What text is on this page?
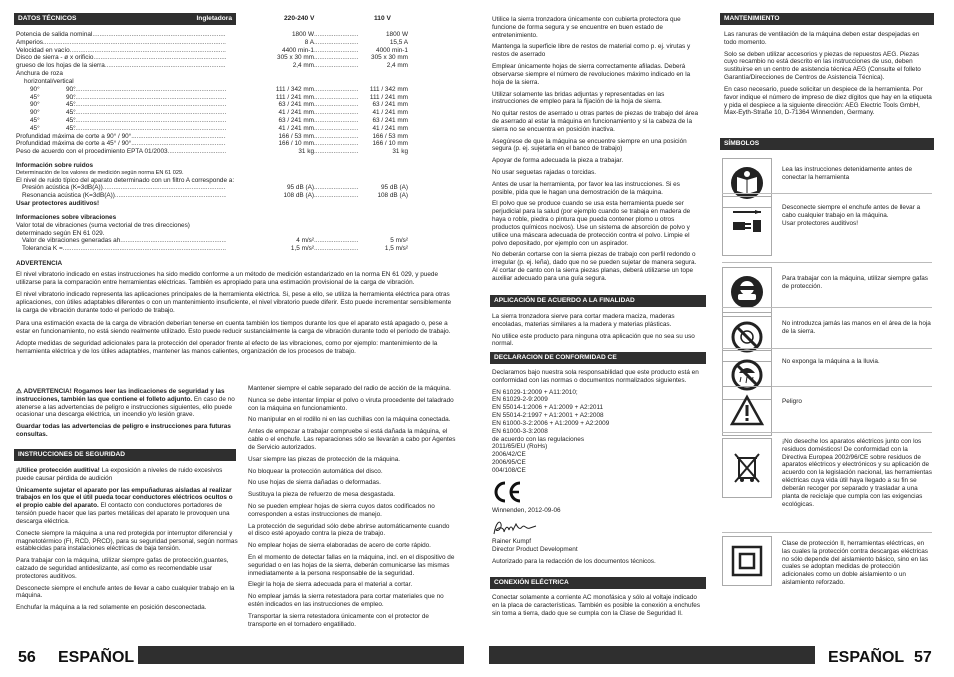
DATOS TÉCNICOS	Ingletadora	220-240 V	110 V
Potencia de salida nominal .....	1800 W .....	1800 W
Amperios .....	8 A .....	15,5 A
Velocidad en vacío .....	4400 min-1 .....	4000 min-1
Disco de sierra - ø x orificio .....	305 x 30 mm .....	305 x 30 mm
grueso de los hojas de la sierra .....	2,4 mm .....	2,4 mm
Anchura de roza
horizontal/vertical
90°	90° .....	111 / 342 mm .....	111 / 342 mm
45°	90° .....	111 / 241 mm .....	111 / 241 mm
90°	45° .....	63 / 241 mm .....	63 / 241 mm
90°	45° .....	41 / 241 mm .....	41 / 241 mm
45°	45° .....	63 / 241 mm .....	63 / 241 mm
45°	45° .....	41 / 241 mm .....	41 / 241 mm
Profundidad máxima de corte a 90° / 90° .....	166 / 53 mm .....	166 / 53 mm
Profundidad máxima de corte a 45° / 90° .....	166 / 10 mm .....	166 / 10 mm
Peso de acuerdo con el procedimiento EPTA 01/2003 .....	31 kg .....	31 kg
Información sobre ruidos
Determinación de los valores de medición según norma EN 61 029.
El nivel de ruido típico del aparato determinado con un filtro A corresponde a:
Presión acústica (K=3dB(A)) .....	95 dB (A) .....	95 dB (A)
Resonancia acústica (K=3dB(A)) .....	108 dB (A) .....	108 dB (A)
Usar protectores auditivos!
Informaciones sobre vibraciones
Valor total de vibraciones (suma vectorial de tres direcciones)
determinado según EN 61 029.
Valor de vibraciones generadas ah .....	4 m/s² .....	5 m/s²
Tolerancia K = .....	1,5 m/s² .....	1,5 m/s²
ADVERTENCIA

El nivel vibratorio indicado en estas instrucciones ha sido medido conforme a un método de medición estandarizado en la norma EN 61 029, y puede utilizarse para la comparación entre herramientas eléctricas. También es apropiado para una estimación provisional de la carga de vibración.

El nivel vibratorio indicado representa las aplicaciones principales de la herramienta eléctrica. Si, pese a ello, se utiliza la herramienta eléctrica para otras aplicaciones, con útiles adaptables diferentes o con un mantenimiento insuficiente, el nivel vibratorio puede diferir. Esto puede incrementar sensiblemente la carga de vibración durante todo el período de trabajo.

Para una estimación exacta de la carga de vibración deberían tenerse en cuenta también los tiempos durante los que el aparato está apagado o, pese a estar en funcionamiento, no está siendo realmente utilizado. Esto puede reducir sustancialmente la carga de vibración durante todo el período de trabajo.

Adopte medidas de seguridad adicionales para la protección del operador frente al efecto de las vibraciones, como por ejemplo: mantenimiento de la herramienta eléctrica y de los útiles adaptables, mantener las manos calientes, organización de los procesos de trabajo.

⚠ ADVERTENCIA! Rogamos leer las indicaciones de seguridad y las instrucciones, también las que contiene el folleto adjunto. En caso de no atenerse a las advertencias de peligro e instrucciones siguientes, ello puede ocasionar una descarga eléctrica, un incendio y/o lesión grave.

Guardar todas las advertencias de peligro e instrucciones para futuras consultas.

INSTRUCCIONES DE SEGURIDAD

¡Utilice protección auditiva! La exposición a niveles de ruido excesivos puede causar pérdida de audición

Únicamente sujetar el aparato por las empuñaduras aisladas al realizar trabajos en los que el útil pueda tocar conductores eléctricos ocultos o el propio cable del aparato. El contacto con conductores portadores de tensión puede hacer que las partes metálicas del aparato le provoquen una descarga eléctrica.

Conecte siempre la máquina a una red protegida por interruptor diferencial y magnetotérmico (FI, RCD, PRCD), para su seguridad personal, según normas establecidas para instalaciones eléctricas de baja tensión.

Para trabajar con la máquina, utilizar siempre gafas de protección,guantes, calzado de seguridad antideslizante, así como es recomendable usar protectores auditivos.

Desconecte siempre el enchufe antes de llevar a cabo cualquier trabajo en la máquina.

Enchufar la máquina a la red solamente en posición desconectada.

Mantener siempre el cable separado del radio de acción de la máquina.

Nunca se debe intentar limpiar el polvo o viruta procedente del taladrado con la máquina en funcionamiento.

No manipular en el rodillo ni en las cuchillas con la máquina conectada.

Antes de empezar a trabajar compruebe si está dañada la máquina, el cable o el enchufe. Las reparaciones sólo se llevarán a cabo por Agentes de Servicio autorizados.

Usar siempre las piezas de protección de la máquina.

No bloquear la protección automática del disco.

No use hojas de sierra dañadas o deformadas.

Sustituya la pieza de refuerzo de mesa desgastada.

No se pueden emplear hojas de sierra cuyos datos codificados no corresponden a estas instrucciones de manejo.

La protección de seguridad sólo debe abrirse automáticamente cuando el disco esté apoyado contra la pieza de trabajo.

No emplear hojas de sierra elaboradas de acero de corte rápido.

En el momento de detectar fallas en la máquina, incl. en el dispositivo de seguridad o en las hojas de la sierra, deberán comunicarse las mismas inmediatamente a la persona responsable de la seguridad.

Elegir la hoja de sierra adecuada para el material a cortar.

No emplear jamás la sierra retestadora para cortar materiales que no estén indicados en las instrucciones de empleo.

Transportar la sierra retestadora únicamente con el protector de transporte en el tornadero engatillado.

56 ESPAÑOL

Utilice la sierra tronzadora únicamente con cubierta protectora que funcione de forma segura y se encuentre en buen estado de entretenimiento.

Mantenga la superficie libre de restos de material como p. ej. virutas y restos de aserrado

Emplear únicamente hojas de sierra correctamente afiladas. Deberá observarse siempre el número de revoluciones máximo indicado en la hoja de la sierra.

Utilizar solamente las bridas adjuntas y representadas en las instrucciones de empleo para la fijación de la hoja de sierra.

No quitar restos de aserrado u otras partes de piezas de trabajo del área de aserrado al estar la máquina en funcionamiento y si la cabeza de la sierra no se encuentra en posición inactiva.

Asegúrese de que la máquina se encuentre siempre en una posición segura (p. ej. sujetarla en el banco de trabajo)

Apoyar de forma adecuada la pieza a trabajar.

No usar seguetas rajadas o torcidas.

Antes de usar la herramienta, por favor lea las instrucciones. Si es posible, pida que le hagan una demostración de la máquina.

El polvo que se produce cuando se usa esta herramienta puede ser perjudicial para la salud (por ejemplo cuando se trabaja en madera de haya o roble, piedra o pintura que pueda contener plomo u otros productos químicos nocivos). Use un sistema de absorción de polvo y utilice una máscara adecuada de protección contra el polvo. Limpie el polvo depositado, por ejemplo con un aspirador.

No deberán cortarse con la sierra piezas de trabajo con perfil redondo o irregular (p. ej. leña), dado que no se pueden sujetar de manera segura. Al cortar de canto con la sierra piezas planas, deberá utilizarse un tope auxiliar adecuado para una guía segura.

APLICACIÓN DE ACUERDO A LA FINALIDAD

La sierra tronzadora sierve para cortar madera maciza, maderas encoladas, materias similares a la madera y materias plásticas.

No utilice este producto para ninguna otra aplicación que no sea su uso normal.

DECLARACION DE CONFORMIDAD CE

Declaramos bajo nuestra sola responsabilidad que este producto está en conformidad con las normas o documentos normalizados siguientes.

EN 61029-1:2009 + A11:2010;
EN 61029-2-9:2009
EN 55014-1:2006 + A1:2009 + A2:2011
EN 55014-2:1997 + A1:2001 + A2:2008
EN 61000-3-2:2006 + A1:2009 + A2:2009
EN 61000-3-3:2008
de acuerdo con las regulaciones
2011/65/EU (RoHs)
2006/42/CE
2006/95/CE
004/108/CE

Winnenden, 2012-09-06

Rainer Kumpf

Director Product Development

Autorizado para la redacción de los documentos técnicos.

CONEXIÓN ELÉCTRICA

Conectar solamente a corriente AC monofásica y sólo al voltaje indicado en la placa de características. También es posible la conexión a enchufes sin toma a tierra, dado que se cumpla con la Clase de Seguridad II.

MANTENIMIENTO

Las ranuras de ventilación de la máquina deben estar despejadas en todo momento.

Solo se deben utilizar accesorios y piezas de repuestos AEG. Piezas cuyo recambio no está descrito en las instrucciones de uso, deben sustituirse en un centro de asistencia técnica AEG (Consulte el folleto Garantía/Direcciones de Centros de Asistencia Técnica).

En caso necesario, puede solicitar un despiece de la herramienta. Por favor indique el número de impreso de diez dígitos que hay en la etiqueta y pida el despiece a la siguiente dirección: AEG Electric Tools GmbH, Max-Eyth-Straße 10, D-71364 Winnenden, Germany.

SÍMBOLOS
Lea las instrucciones detenidamente antes de conectar la herramienta

Desconecte siempre el enchufe antes de llevar a cabo cualquier trabajo en la máquina.

Usar protectores auditivos!

Para trabajar con la máquina, utilizar siempre gafas de protección.
No introduzca jamás las manos en el área de la hoja de la sierra.
No exponga la máquina a la lluvia.
Peligro
¡No deseche los aparatos eléctricos junto con los residuos domésticos! De conformidad con la Directiva Europea 2002/96/CE sobre residuos de aparatos eléctricos y electrónicos y su aplicación de acuerdo con la legislación nacional, las herramientas eléctricas cuya vida útil haya llegado a su fin se deberán recoger por separado y trasladar a una planta de reciclaje que cumpla con las exigencias ecológicas.
Clase de protección II, herramientas eléctricas, en las cuales la protección contra descargas eléctricas no sólo depende del aislamiento básico, sino en las cuales se adoptan medidas de protección adicionales como un doble aislamiento o un aislamiento reforzado.
ESPAÑOL 57
